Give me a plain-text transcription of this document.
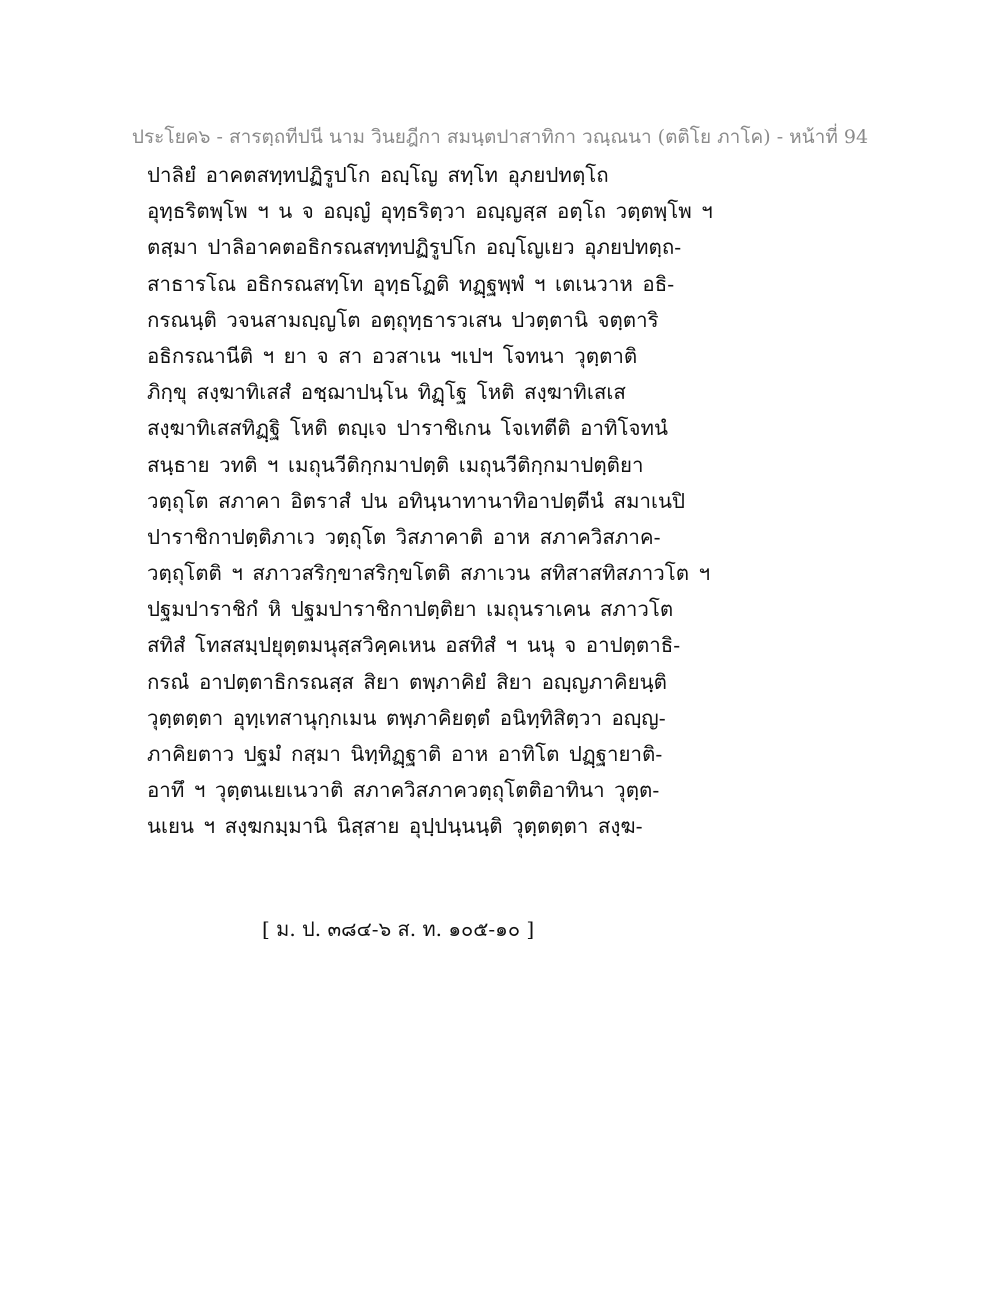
ประโยค๖ - สารตฺถทีปนี นาม วินยฎีกา สมนฺตปาสาทิกา วณฺณนา (ตติโย ภาโค) - หน้าที่ 94
ปาลิยํ อาคตสทฺทปฏิรูปโก อญฺโญ สทฺโท อุภยปทตฺโถ
อุทฺธริตพฺโพ ฯ น จ อญฺญํ อุทฺธริตฺวา อญฺญสฺส อตฺโถ วตฺตพฺโพ ฯ
ตสฺมา ปาลิอาคตอธิกรณสทฺทปฏิรูปโก อญฺโญเยว อุภยปทตฺถ-
สาธารโณ อธิกรณสทฺโท อุทฺธโฏติ ทฏฺฐพฺพํ ฯ เตเนวาห อธิ-
กรณนฺติ วจนสามญฺญโต อตฺถุทฺธารวเสน ปวตฺตานิ จตฺตาริ
อธิกรณานีติ ฯ ยา จ สา อวสาเน ฯเปฯ โจทนา วุตฺตาติ
ภิกฺขุ สงฺฆาทิเสสํ อชฺฌาปนฺโน ทิฏฺโฐ โหติ สงฺฆาทิเสเส
สงฺฆาทิเสสทิฏฺฐิ โหติ ตญฺเจ ปาราชิเกน โจเทตีติ อาทิโจทนํ
สนฺธาย วทติ ฯ เมถุนวีติกฺกมาปตฺติ เมถุนวีติกฺกมาปตฺติยา
วตฺถุโต สภาคา อิตราสํ ปน อทินฺนาทานาทิอาปตฺตีนํ สมาเนปิ
ปาราชิกาปตฺติภาเว วตฺถุโต วิสภาคาติ อาห สภาควิสภาค-
วตฺถุโตติ ฯ สภาวสริกฺขาสริกฺขโตติ สภาเวน สทิสาสทิสภาวโต ฯ
ปฐมปาราชิกํ หิ ปฐมปาราชิกาปตฺติยา เมถุนราเคน สภาวโต
สทิสํ โทสสมฺปยุตฺตมนุสฺสวิคฺคเหน อสทิสํ ฯ นนุ จ อาปตฺตาธิ-
กรณํ อาปตฺตาธิกรณสฺส สิยา ตพฺภาคิยํ สิยา อญฺญภาคิยนฺติ
วุตฺตตฺตา อุทฺเทสานุกฺกเมน ตพฺภาคิยตฺตํ อนิทฺทิสิตฺวา อญฺญ-
ภาคิยตาว ปฐมํ กสฺมา นิทฺทิฏฺฐาติ อาห อาทิโต ปฏฺฐายาติ-
อาทึ ฯ วุตฺตนเยเนวาติ สภาควิสภาควตฺถุโตติอาทินา วุตฺต-
นเยน ฯ สงฺฆกมฺมานิ นิสฺสาย อุปฺปนฺนนฺติ วุตฺตตฺตา สงฺฆ-
[ ม. ป. ๓๘๔-๖ ส. ท. ๑๐๕-๑๐ ]
